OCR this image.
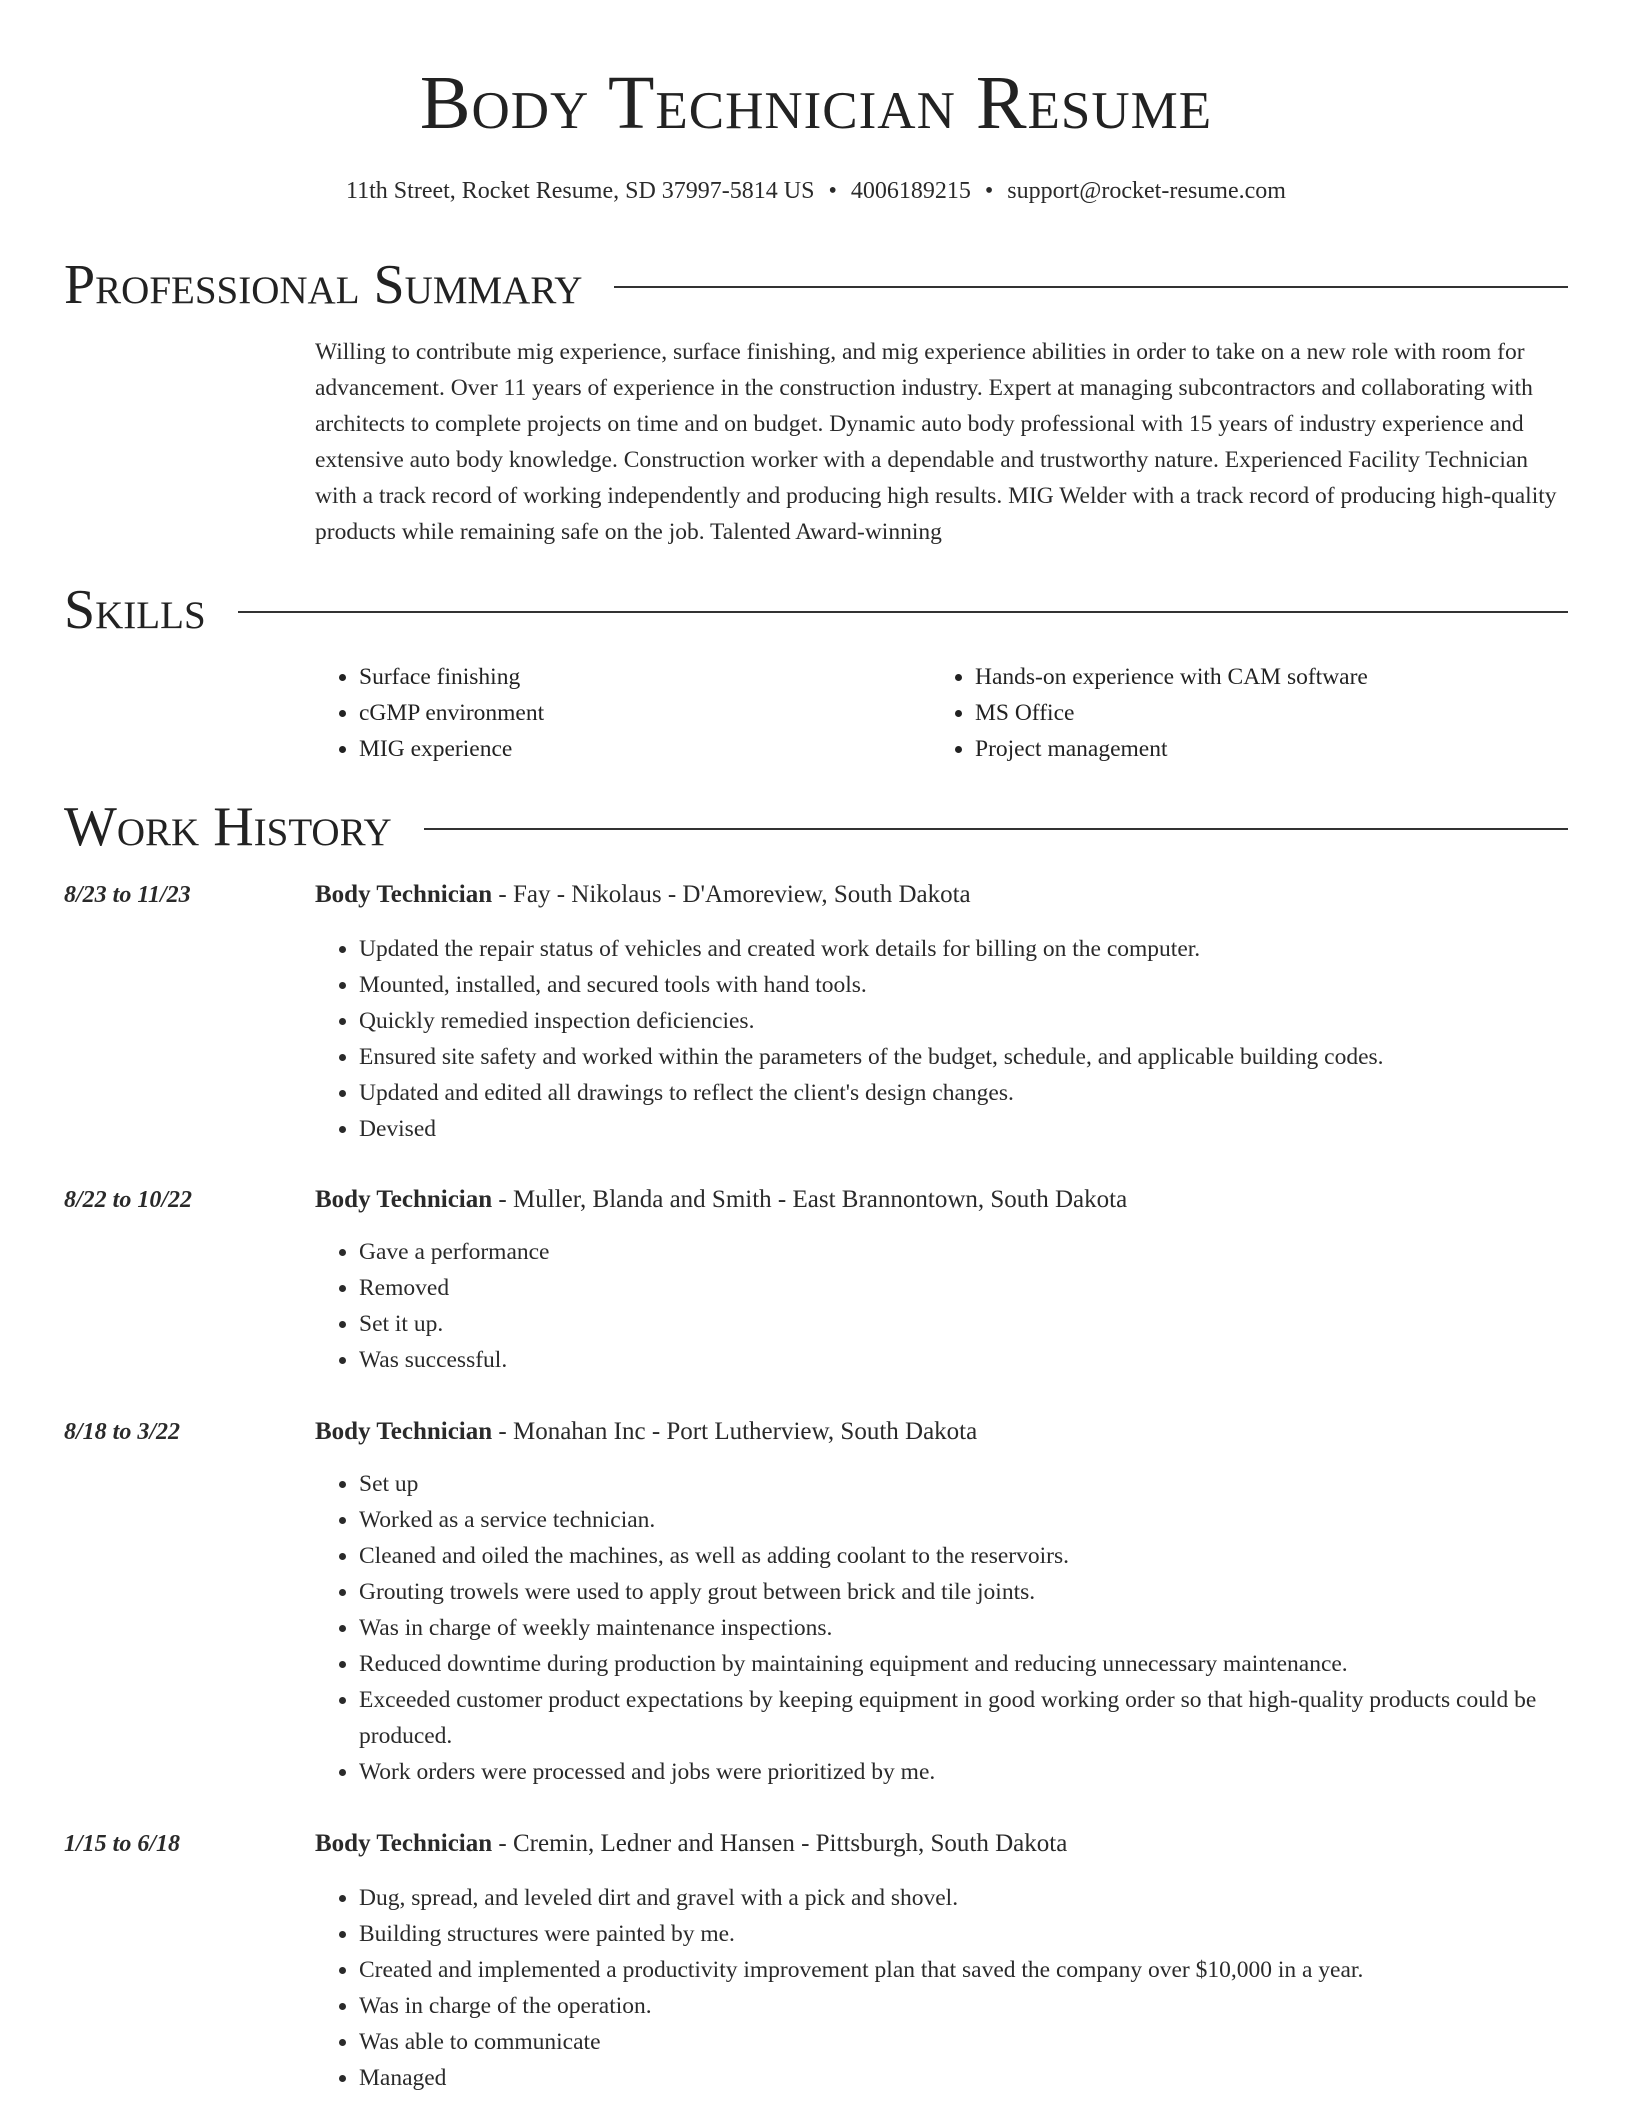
Body Technician Resume
11th Street, Rocket Resume, SD 37997-5814 US • 4006189215 • support@rocket-resume.com
Professional Summary

Willing to contribute mig experience, surface finishing, and mig experience abilities in order to take on a new role with room for advancement. Over 11 years of experience in the construction industry. Expert at managing subcontractors and collaborating with architects to complete projects on time and on budget. Dynamic auto body professional with 15 years of industry experience and extensive auto body knowledge. Construction worker with a dependable and trustworthy nature. Experienced Facility Technician with a track record of working independently and producing high results. MIG Welder with a track record of producing high-quality products while remaining safe on the job. Talented Award-winning

Skills
• Surface finishing
• cGMP environment
• MIG experience
• Hands-on experience with CAM software
• MS Office
• Project management
Work History
8/23 to 11/23	Body Technician - Fay - Nikolaus - D'Amoreview, South Dakota
• Updated the repair status of vehicles and created work details for billing on the computer.
• Mounted, installed, and secured tools with hand tools.
• Quickly remedied inspection deficiencies.
• Ensured site safety and worked within the parameters of the budget, schedule, and applicable building codes.
• Updated and edited all drawings to reflect the client's design changes.
• Devised
8/22 to 10/22	Body Technician - Muller, Blanda and Smith - East Brannontown, South Dakota
• Gave a performance
• Removed
• Set it up.
• Was successful.
8/18 to 3/22	Body Technician - Monahan Inc - Port Lutherview, South Dakota
• Set up
• Worked as a service technician.
• Cleaned and oiled the machines, as well as adding coolant to the reservoirs.
• Grouting trowels were used to apply grout between brick and tile joints.
• Was in charge of weekly maintenance inspections.
• Reduced downtime during production by maintaining equipment and reducing unnecessary maintenance.
• Exceeded customer product expectations by keeping equipment in good working order so that high-quality products could be produced.
• Work orders were processed and jobs were prioritized by me.
1/15 to 6/18	Body Technician - Cremin, Ledner and Hansen - Pittsburgh, South Dakota
• Dug, spread, and leveled dirt and gravel with a pick and shovel.
• Building structures were painted by me.
• Created and implemented a productivity improvement plan that saved the company over $10,000 in a year.
• Was in charge of the operation.
• Was able to communicate
• Managed
